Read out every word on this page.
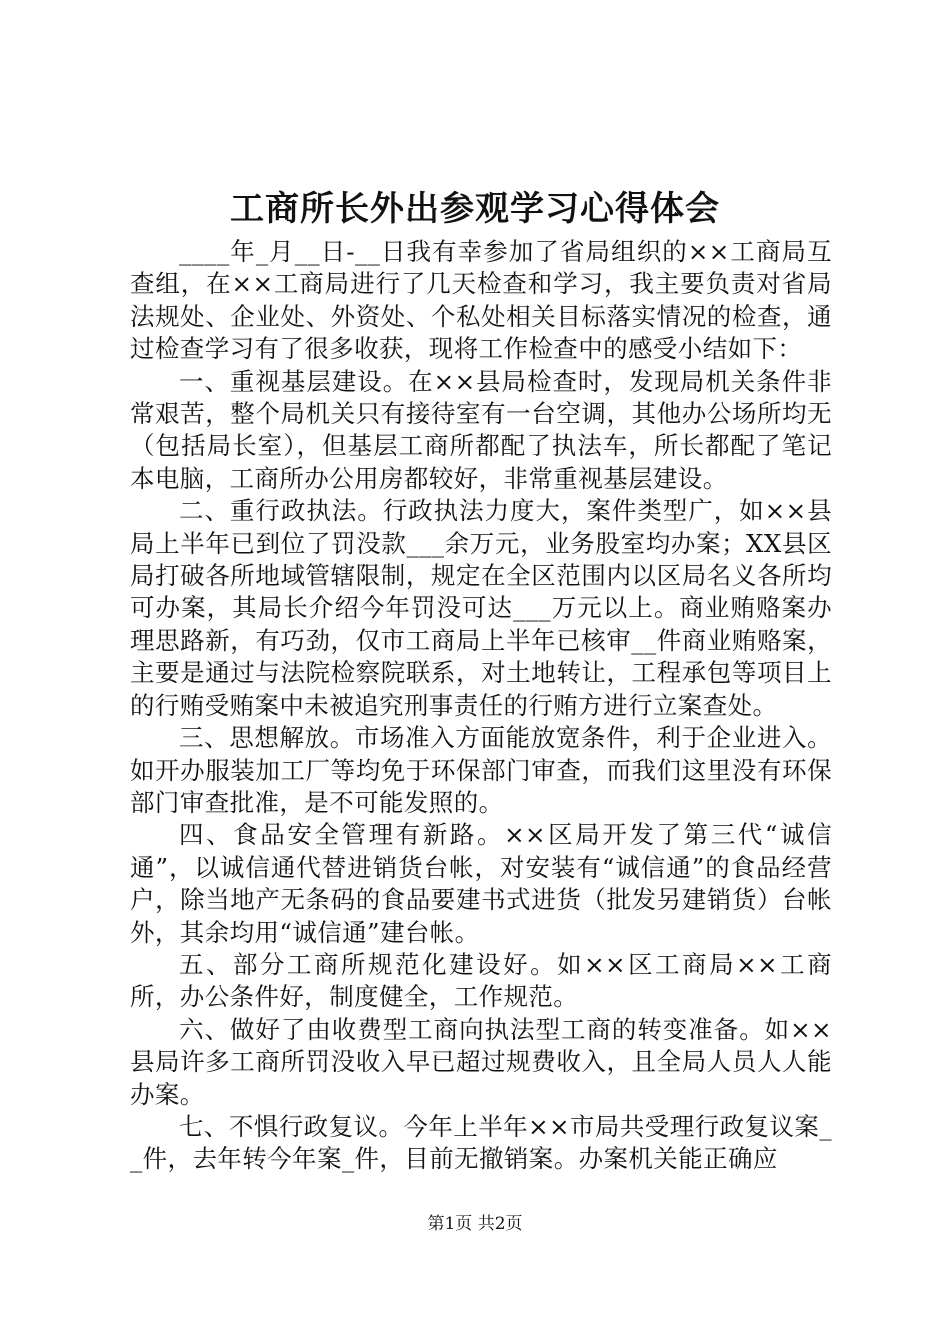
工商所长外出参观学习心得体会

____年_月__日-__日我有幸参加了省局组织的××工商局互查组，在××工商局进行了几天检查和学习，我主要负责对省局法规处、企业处、外资处、个私处相关目标落实情况的检查，通过检查学习有了很多收获，现将工作检查中的感受小结如下：

一、重视基层建设。在××县局检查时，发现局机关条件非常艰苦，整个局机关只有接待室有一台空调，其他办公场所均无（包括局长室），但基层工商所都配了执法车，所长都配了笔记本电脑，工商所办公用房都较好，非常重视基层建设。

二、重行政执法。行政执法力度大，案件类型广，如××县局上半年已到位了罚没款___余万元，业务股室均办案；XX县区局打破各所地域管辖限制，规定在全区范围内以区局名义各所均可办案，其局长介绍今年罚没可达___万元以上。商业贿赂案办理思路新，有巧劲，仅市工商局上半年已核审__件商业贿赂案，主要是通过与法院检察院联系，对土地转让，工程承包等项目上的行贿受贿案中未被追究刑事责任的行贿方进行立案查处。

三、思想解放。市场准入方面能放宽条件，利于企业进入。如开办服装加工厂等均免于环保部门审查，而我们这里没有环保部门审查批准，是不可能发照的。

四、食品安全管理有新路。××区局开发了第三代“诚信通”，以诚信通代替进销货台帐，对安装有“诚信通”的食品经营户，除当地产无条码的食品要建书式进货（批发另建销货）台帐外，其余均用“诚信通”建台帐。

五、部分工商所规范化建设好。如××区工商局××工商所，办公条件好，制度健全，工作规范。

六、做好了由收费型工商向执法型工商的转变准备。如××县局许多工商所罚没收入早已超过规费收入，且全局人员人人能办案。

七、不惧行政复议。今年上半年××市局共受理行政复议案__件，去年转今年案_件，目前无撤销案。办案机关能正确应

第1页 共2页
